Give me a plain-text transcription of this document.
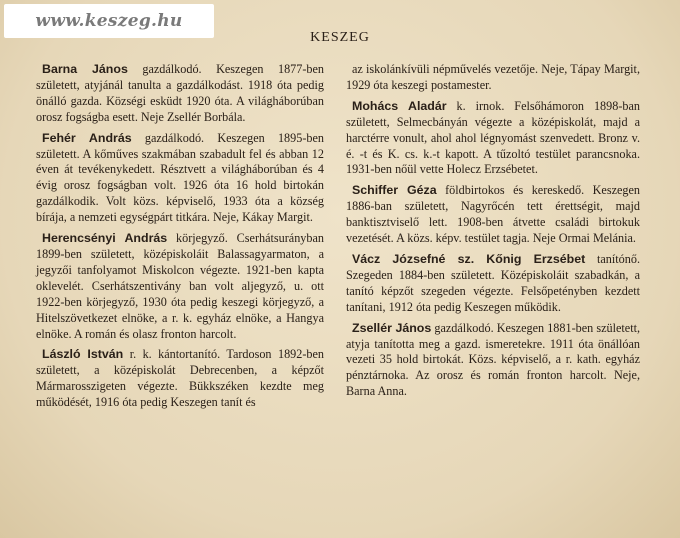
www.keszeg.hu
KESZEG

Barna János gazdálkodó. Keszegen 1877-ben született, atyjánál tanulta a gazdálkodást. 1918 óta pedig önálló gazda. Községi esküdt 1920 óta. A világháborúban orosz fogságba esett. Neje Zsellér Borbála.

Fehér András gazdálkodó. Keszegen 1895-ben született. A kőműves szakmában szabadult fel és abban 12 éven át tevékenykedett. Résztvett a világháborúban és 4 évig orosz fogságban volt. 1926 óta 16 hold birtokán gazdálkodik. Volt közs. képviselő, 1933 óta a község bírája, a nemzeti egységpárt titkára. Neje, Kákay Margit.

Herencsényi András körjegyző. Cserhátsurányban 1899-ben született, középiskoláit Balassagyarmaton, a jegyzői tanfolyamot Miskolcon végezte. 1921-ben kapta oklevelét. Cserhátszentivány ban volt aljegyző, u. ott 1922-ben körjegyző, 1930 óta pedig keszegi körjegyző, a Hitelszövetkezet elnöke, a r. k. egyház elnöke, a Hangya elnöke. A román és olasz fronton harcolt.

László István r. k. kántortanító. Tardoson 1892-ben született, a középiskolát Debrecenben, a képzőt Mármarosszigeten végezte. Bükkszéken kezdte meg működését, 1916 óta pedig Keszegen tanít és

az iskolánkívüli népművelés vezetője. Neje, Tápay Margit, 1929 óta keszegi postamester.

Mohács Aladár k. irnok. Felsőhámoron 1898-ban született, Selmecbányán végezte a középiskolát, majd a harctérre vonult, ahol ahol légnyomást szenvedett. Bronz v. é. -t és K. cs. k.-t kapott. A tűzoltó testület parancsnoka. 1931-ben nőül vette Holecz Erzsébetet.

Schiffer Géza földbirtokos és kereskedő. Keszegen 1886-ban született, Nagyrőcén tett érettségit, majd banktisztviselő lett. 1908-ben átvette családi birtokuk vezetését. A közs. képv. testület tagja. Neje Ormai Melánia.

Vácz Józsefné sz. Kőnig Erzsébet tanítónő. Szegeden 1884-ben született. Középiskoláit szabadkán, a tanító képzőt szegeden végezte. Felsőpetényben kezdett tanítani, 1912 óta pedig Keszegen működik.

Zsellér János gazdálkodó. Keszegen 1881-ben született, atyja tanította meg a gazd. ismeretekre. 1911 óta önállóan vezeti 35 hold birtokát. Közs. képviselő, a r. kath. egyház pénztárnoka. Az orosz és román fronton harcolt. Neje, Barna Anna.
